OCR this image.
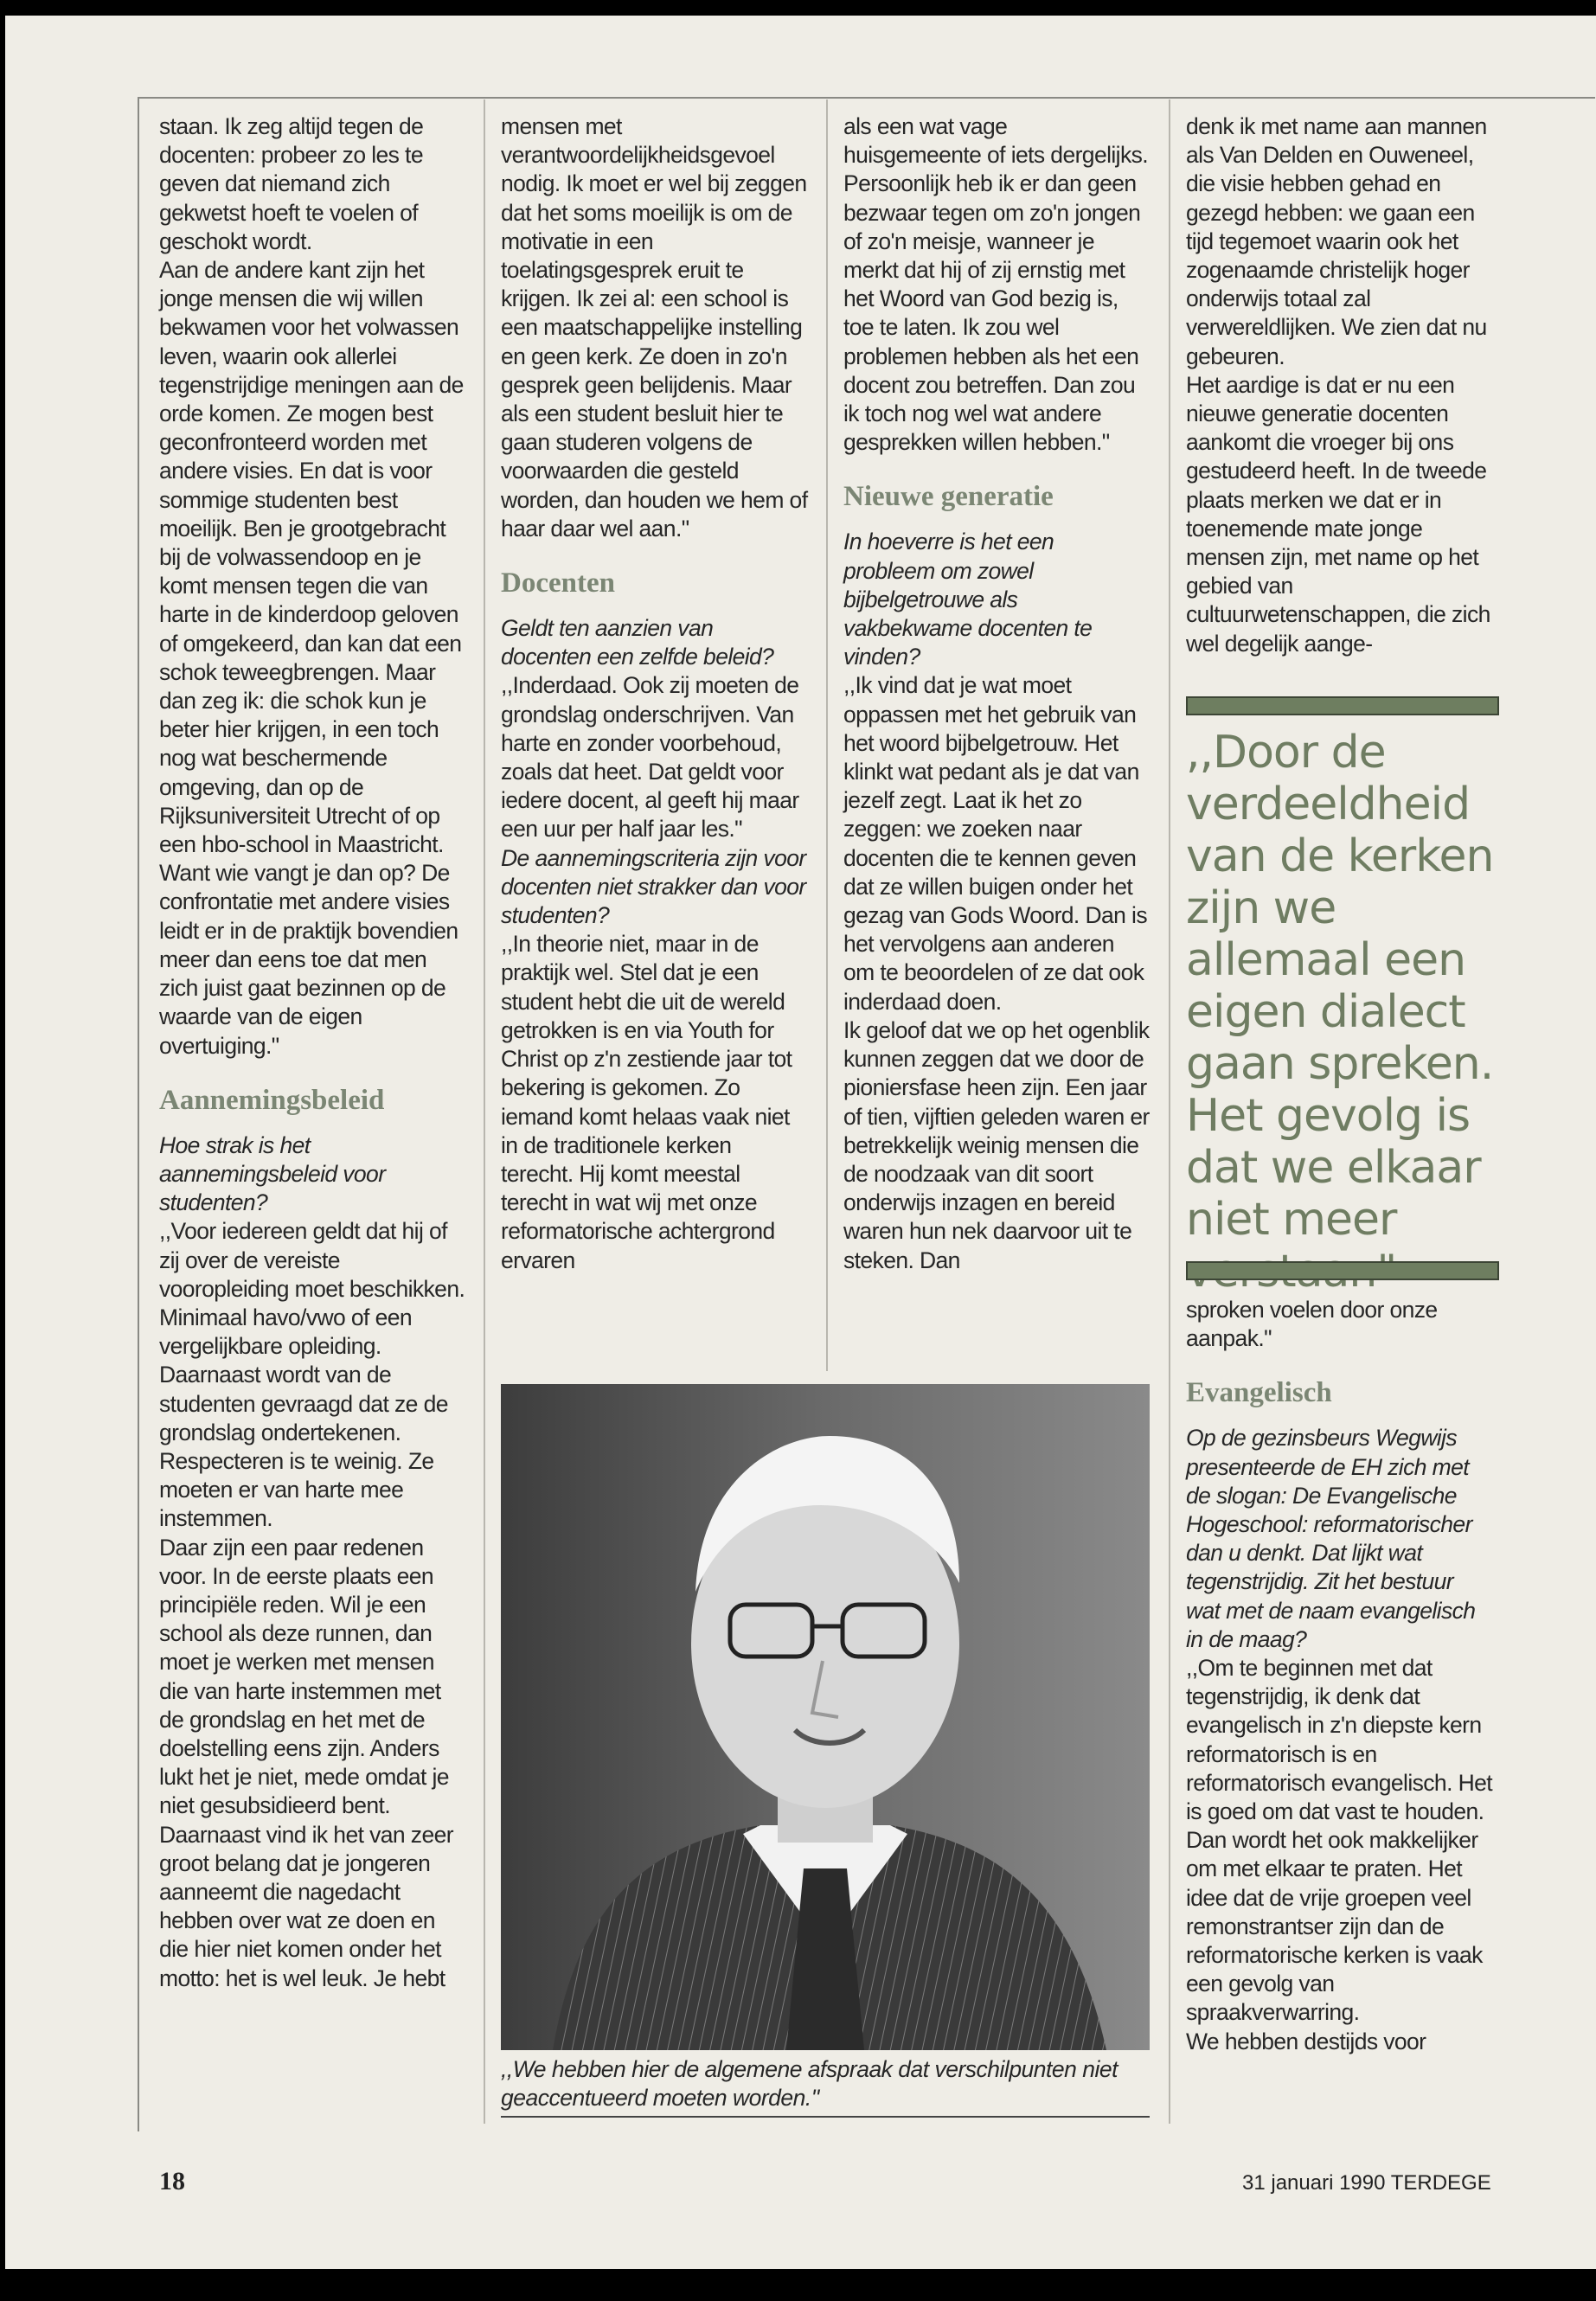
staan. Ik zeg altijd tegen de docenten: probeer zo les te geven dat niemand zich gekwetst hoeft te voelen of geschokt wordt.

Aan de andere kant zijn het jonge mensen die wij willen bekwamen voor het volwassen leven, waarin ook allerlei tegenstrijdige meningen aan de orde komen. Ze mogen best geconfronteerd worden met andere visies. En dat is voor sommige studenten best moeilijk. Ben je grootgebracht bij de volwassendoop en je komt mensen tegen die van harte in de kinderdoop geloven of omgekeerd, dan kan dat een schok teweegbrengen. Maar dan zeg ik: die schok kun je beter hier krijgen, in een toch nog wat beschermende omgeving, dan op de Rijksuniversiteit Utrecht of op een hbo-school in Maastricht. Want wie vangt je dan op? De confrontatie met andere visies leidt er in de praktijk bovendien meer dan eens toe dat men zich juist gaat bezinnen op de waarde van de eigen overtuiging."

Aannemingsbeleid

Hoe strak is het aannemingsbeleid voor studenten?

,,Voor iedereen geldt dat hij of zij over de vereiste vooropleiding moet beschikken. Minimaal havo/vwo of een vergelijkbare opleiding. Daarnaast wordt van de studenten gevraagd dat ze de grondslag ondertekenen. Respecteren is te weinig. Ze moeten er van harte mee instemmen.

Daar zijn een paar redenen voor. In de eerste plaats een principiële reden. Wil je een school als deze runnen, dan moet je werken met mensen die van harte instemmen met de grondslag en het met de doelstelling eens zijn. Anders lukt het je niet, mede omdat je niet gesubsidieerd bent.

Daarnaast vind ik het van zeer groot belang dat je jongeren aanneemt die nagedacht hebben over wat ze doen en die hier niet komen onder het motto: het is wel leuk. Je hebt

mensen met verantwoordelijkheidsgevoel nodig. Ik moet er wel bij zeggen dat het soms moeilijk is om de motivatie in een toelatingsgesprek eruit te krijgen. Ik zei al: een school is een maatschappelijke instelling en geen kerk. Ze doen in zo'n gesprek geen belijdenis. Maar als een student besluit hier te gaan studeren volgens de voorwaarden die gesteld worden, dan houden we hem of haar daar wel aan."

Docenten

Geldt ten aanzien van docenten een zelfde beleid?

,,Inderdaad. Ook zij moeten de grondslag onderschrijven. Van harte en zonder voorbehoud, zoals dat heet. Dat geldt voor iedere docent, al geeft hij maar een uur per half jaar les."

De aannemingscriteria zijn voor docenten niet strakker dan voor studenten?

,,In theorie niet, maar in de praktijk wel. Stel dat je een student hebt die uit de wereld getrokken is en via Youth for Christ op z'n zestiende jaar tot bekering is gekomen. Zo iemand komt helaas vaak niet in de traditionele kerken terecht. Hij komt meestal terecht in wat wij met onze reformatorische achtergrond ervaren

als een wat vage huisgemeente of iets dergelijks. Persoonlijk heb ik er dan geen bezwaar tegen om zo'n jongen of zo'n meisje, wanneer je merkt dat hij of zij ernstig met het Woord van God bezig is, toe te laten. Ik zou wel problemen hebben als het een docent zou betreffen. Dan zou ik toch nog wel wat andere gesprekken willen hebben."

Nieuwe generatie

In hoeverre is het een probleem om zowel bijbelgetrouwe als vakbekwame docenten te vinden?

,,Ik vind dat je wat moet oppassen met het gebruik van het woord bijbelgetrouw. Het klinkt wat pedant als je dat van jezelf zegt. Laat ik het zo zeggen: we zoeken naar docenten die te kennen geven dat ze willen buigen onder het gezag van Gods Woord. Dan is het vervolgens aan anderen om te beoordelen of ze dat ook inderdaad doen.

Ik geloof dat we op het ogenblik kunnen zeggen dat we door de pioniersfase heen zijn. Een jaar of tien, vijftien geleden waren er betrekkelijk weinig mensen die de noodzaak van dit soort onderwijs inzagen en bereid waren hun nek daarvoor uit te steken. Dan

denk ik met name aan mannen als Van Delden en Ouweneel, die visie hebben gehad en gezegd hebben: we gaan een tijd tegemoet waarin ook het zogenaamde christelijk hoger onderwijs totaal zal verwereldlijken. We zien dat nu gebeuren.

Het aardige is dat er nu een nieuwe generatie docenten aankomt die vroeger bij ons gestudeerd heeft. In de tweede plaats merken we dat er in toenemende mate jonge mensen zijn, met name op het gebied van cultuurwetenschappen, die zich wel degelijk aange-

,,Door de verdeeldheid van de kerken zijn we allemaal een eigen dialect gaan spreken. Het gevolg is dat we elkaar niet meer

sproken voelen door onze aanpak."

Evangelisch

Op de gezinsbeurs Wegwijs presenteerde de EH zich met de slogan: De Evangelische Hogeschool: reformatorischer dan u denkt. Dat lijkt wat tegenstrijdig. Zit het bestuur wat met de naam evangelisch in de maag?

,,Om te beginnen met dat tegenstrijdig, ik denk dat evangelisch in z'n diepste kern reformatorisch is en reformatorisch evangelisch. Het is goed om dat vast te houden. Dan wordt het ook makkelijker om met elkaar te praten. Het idee dat de vrije groepen veel remonstrantser zijn dan de reformatorische kerken is vaak een gevolg van spraakverwarring.

We hebben destijds voor

,,We hebben hier de algemene afspraak dat verschilpunten niet geaccentueerd moeten worden."
18	31 januari 1990 TERDEGE
